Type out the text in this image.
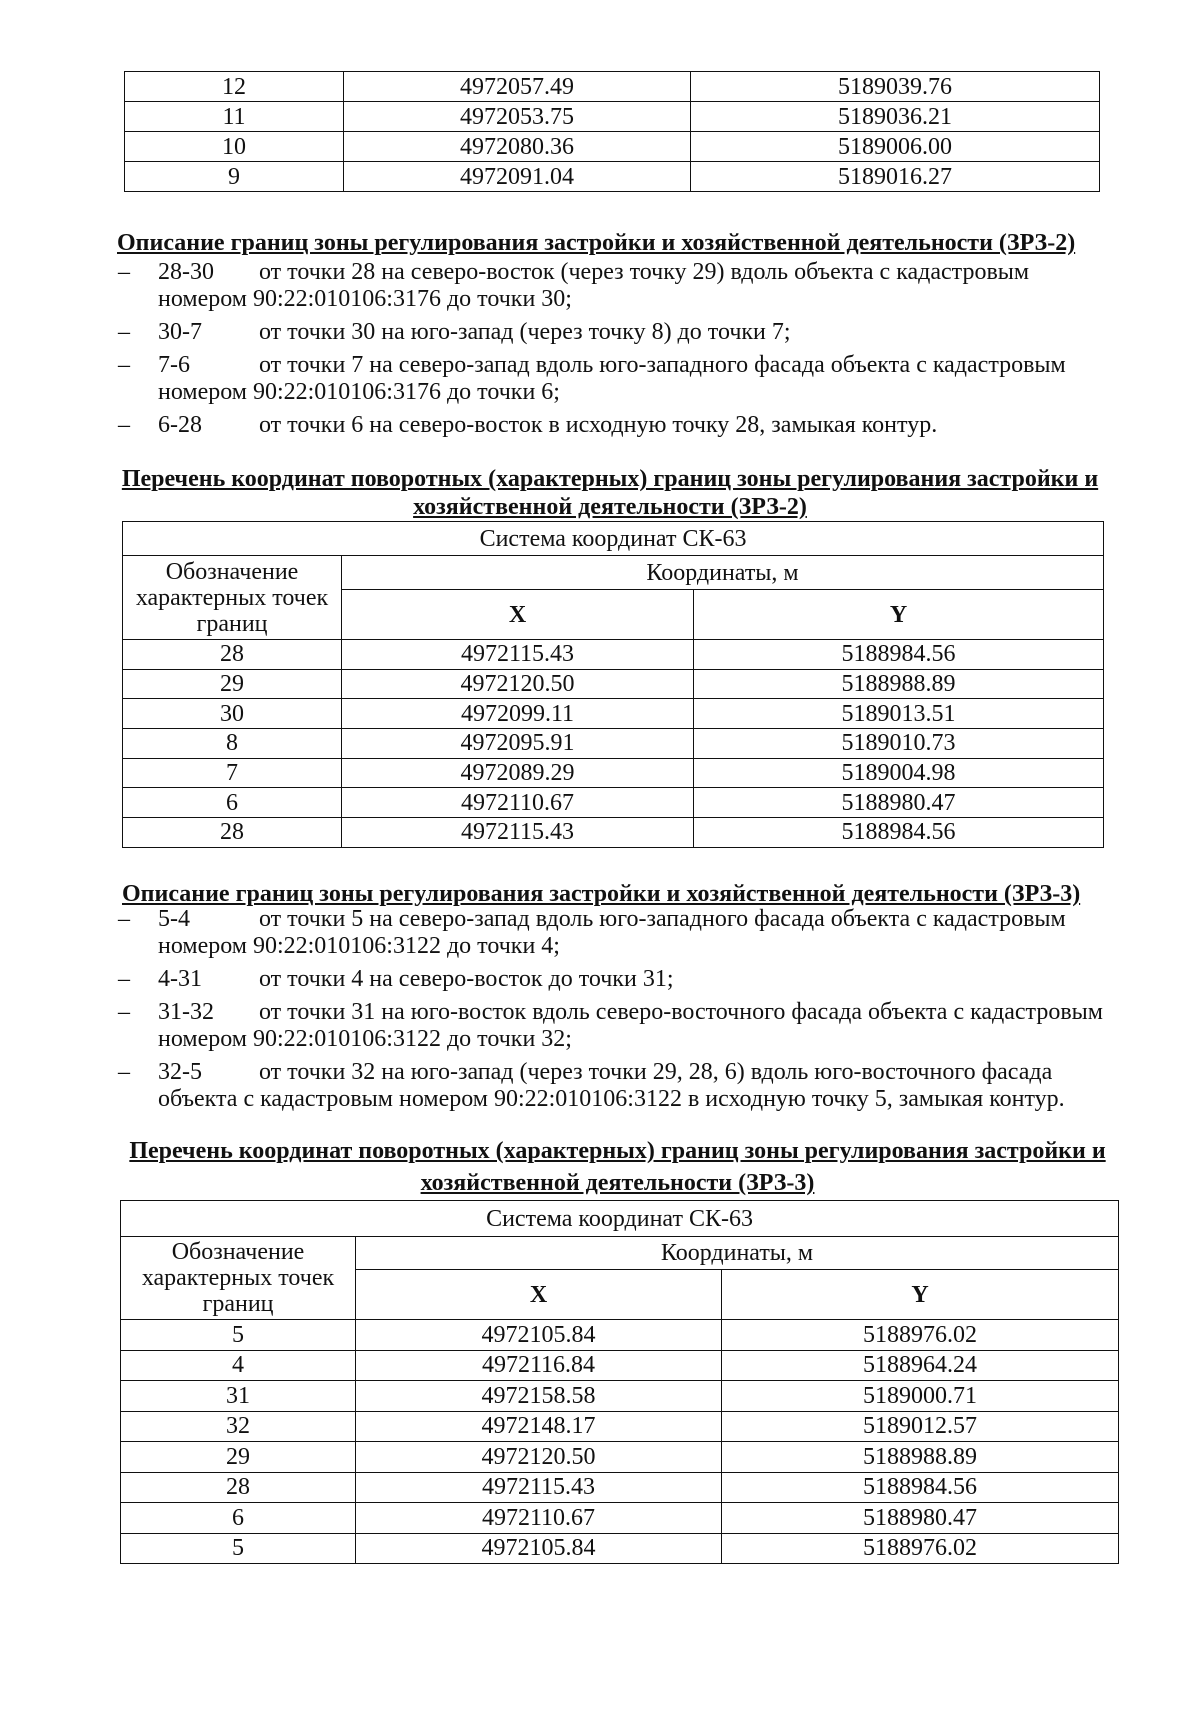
12	4972057.49	5189039.76
11	4972053.75	5189036.21
10	4972080.36	5189006.00
9	4972091.04	5189016.27
Описание границ зоны регулирования застройки и хозяйственной деятельности (ЗРЗ-2)
– 28-30 от точки 28 на северо-восток (через точку 29) вдоль объекта с кадастровым номером 90:22:010106:3176 до точки 30;
– 30-7 от точки 30 на юго-запад (через точку 8) до точки 7;
– 7-6	от точки 7 на северо-запад вдоль юго-западного фасада объекта с кадастровым номером 90:22:010106:3176 до точки 6;
– 6-28 от точки 6 на северо-восток в исходную точку 28, замыкая контур.
Перечень координат поворотных (характерных) границ зоны регулирования застройки и хозяйственной деятельности (ЗРЗ-2)
Система координат СК-63		
Обозначение характерных точек границ	Координаты, м	
	X	Y
28	4972115.43	5188984.56
29	4972120.50	5188988.89
30	4972099.11	5189013.51
8	4972095.91	5189010.73
7	4972089.29	5189004.98
6	4972110.67	5188980.47
28	4972115.43	5188984.56
Описание границ зоны регулирования застройки и хозяйственной деятельности (ЗРЗ-3)
– 5-4	от точки 5 на северо-запад вдоль юго-западного фасада объекта с кадастровым номером 90:22:010106:3122 до точки 4;
– 4-31 от точки 4 на северо-восток до точки 31;
– 31-32 от точки 31 на юго-восток вдоль северо-восточного фасада объекта с кадастровым номером 90:22:010106:3122 до точки 32;
– 32-5 от точки 32 на юго-запад (через точки 29, 28, 6) вдоль юго-восточного фасада объекта с кадастровым номером 90:22:010106:3122 в исходную точку 5, замыкая контур.
Перечень координат поворотных (характерных) границ зоны регулирования застройки и хозяйственной деятельности (ЗРЗ-3)
Система координат СК-63		
Обозначение характерных точек границ	Координаты, м	
	X	Y
5	4972105.84	5188976.02
4	4972116.84	5188964.24
31	4972158.58	5189000.71
32	4972148.17	5189012.57
29	4972120.50	5188988.89
28	4972115.43	5188984.56
6	4972110.67	5188980.47
5	4972105.84	5188976.02
